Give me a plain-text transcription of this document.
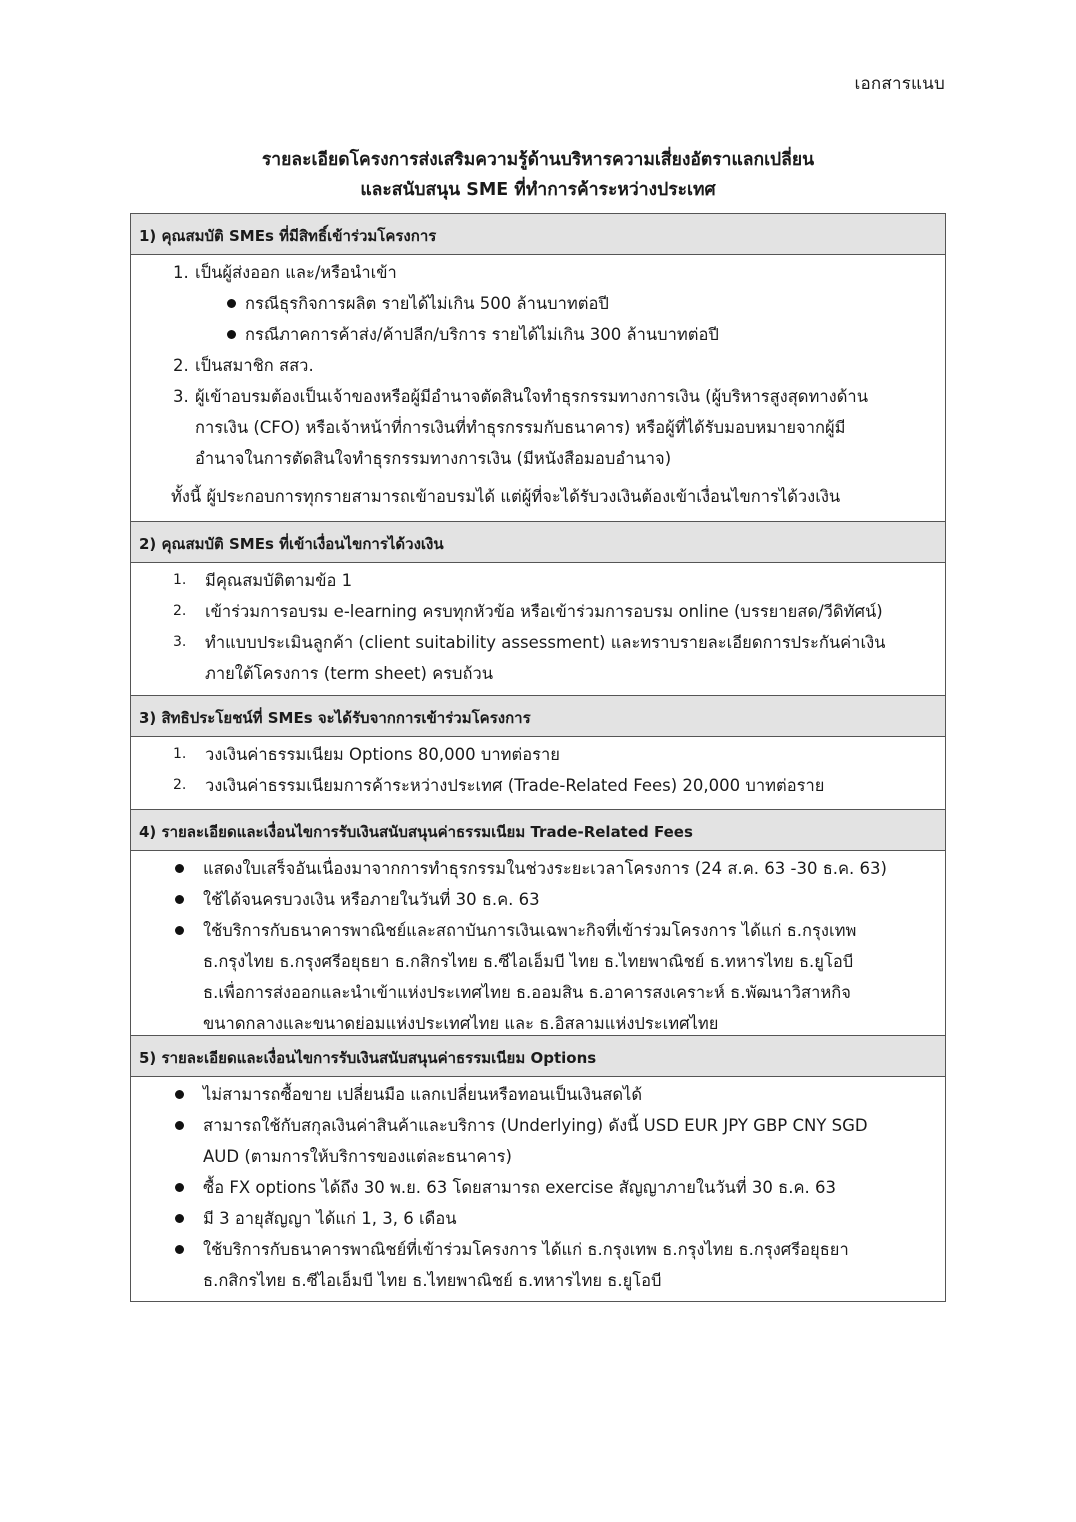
เอกสารแนบ
รายละเอียดโครงการส่งเสริมความรู้ด้านบริหารความเสี่ยงอัตราแลกเปลี่ยน
และสนับสนุน SME ที่ทำการค้าระหว่างประเทศ
1) คุณสมบัติ SMEs ที่มีสิทธิ์เข้าร่วมโครงการ
1. เป็นผู้ส่งออก และ/หรือนำเข้า
กรณีธุรกิจการผลิต รายได้ไม่เกิน 500 ล้านบาทต่อปี
กรณีภาคการค้าส่ง/ค้าปลีก/บริการ รายได้ไม่เกิน 300 ล้านบาทต่อปี
2. เป็นสมาชิก สสว.
3. ผู้เข้าอบรมต้องเป็นเจ้าของหรือผู้มีอำนาจตัดสินใจทำธุรกรรมทางการเงิน (ผู้บริหารสูงสุดทางด้าน
การเงิน (CFO) หรือเจ้าหน้าที่การเงินที่ทำธุรกรรมกับธนาคาร) หรือผู้ที่ได้รับมอบหมายจากผู้มี
อำนาจในการตัดสินใจทำธุรกรรมทางการเงิน (มีหนังสือมอบอำนาจ)
ทั้งนี้ ผู้ประกอบการทุกรายสามารถเข้าอบรมได้ แต่ผู้ที่จะได้รับวงเงินต้องเข้าเงื่อนไขการได้วงเงิน
2) คุณสมบัติ SMEs ที่เข้าเงื่อนไขการได้วงเงิน
1. มีคุณสมบัติตามข้อ 1
2. เข้าร่วมการอบรม e-learning ครบทุกหัวข้อ หรือเข้าร่วมการอบรม online (บรรยายสด/วีดิทัศน์)
3. ทำแบบประเมินลูกค้า (client suitability assessment) และทราบรายละเอียดการประกันค่าเงิน
ภายใต้โครงการ (term sheet) ครบถ้วน
3) สิทธิประโยชน์ที่ SMEs จะได้รับจากการเข้าร่วมโครงการ
1. วงเงินค่าธรรมเนียม Options 80,000 บาทต่อราย
2. วงเงินค่าธรรมเนียมการค้าระหว่างประเทศ (Trade-Related Fees) 20,000 บาทต่อราย
4) รายละเอียดและเงื่อนไขการรับเงินสนับสนุนค่าธรรมเนียม Trade-Related Fees
แสดงใบเสร็จอันเนื่องมาจากการทำธุรกรรมในช่วงระยะเวลาโครงการ (24 ส.ค. 63 -30 ธ.ค. 63)
ใช้ได้จนครบวงเงิน หรือภายในวันที่ 30 ธ.ค. 63
ใช้บริการกับธนาคารพาณิชย์และสถาบันการเงินเฉพาะกิจที่เข้าร่วมโครงการ ได้แก่ ธ.กรุงเทพ
ธ.กรุงไทย ธ.กรุงศรีอยุธยา ธ.กสิกรไทย ธ.ซีไอเอ็มบี ไทย ธ.ไทยพาณิชย์ ธ.ทหารไทย ธ.ยูโอบี
ธ.เพื่อการส่งออกและนำเข้าแห่งประเทศไทย ธ.ออมสิน ธ.อาคารสงเคราะห์ ธ.พัฒนาวิสาหกิจ
ขนาดกลางและขนาดย่อมแห่งประเทศไทย และ ธ.อิสลามแห่งประเทศไทย
5) รายละเอียดและเงื่อนไขการรับเงินสนับสนุนค่าธรรมเนียม Options
ไม่สามารถซื้อขาย เปลี่ยนมือ แลกเปลี่ยนหรือทอนเป็นเงินสดได้
สามารถใช้กับสกุลเงินค่าสินค้าและบริการ (Underlying) ดังนี้ USD EUR JPY GBP CNY SGD
AUD (ตามการให้บริการของแต่ละธนาคาร)
ซื้อ FX options ได้ถึง 30 พ.ย. 63 โดยสามารถ exercise สัญญาภายในวันที่ 30 ธ.ค. 63
มี 3 อายุสัญญา ได้แก่ 1, 3, 6 เดือน
ใช้บริการกับธนาคารพาณิชย์ที่เข้าร่วมโครงการ ได้แก่ ธ.กรุงเทพ ธ.กรุงไทย ธ.กรุงศรีอยุธยา
ธ.กสิกรไทย ธ.ซีไอเอ็มบี ไทย ธ.ไทยพาณิชย์ ธ.ทหารไทย ธ.ยูโอบี
